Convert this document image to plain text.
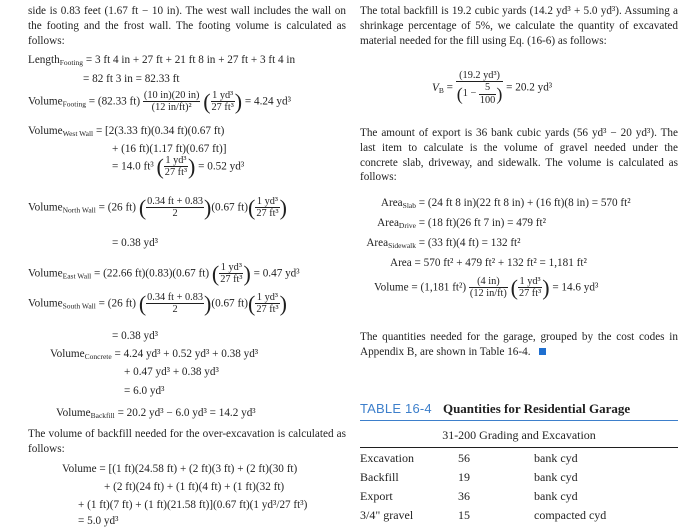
side is 0.83 feet (1.67 ft − 10 in). The west wall includes the wall on the footing and the frost wall. The footing volume is calculated as follows:

Length$_{Footing}$ = 3 ft 4 in + 27 ft + 21 ft 8 in + 27 ft + 3 ft 4 in
= 82 ft 3 in = 82.33 ft
Volume$_{Footing}$ = (82.33 $ft) \frac{(10 in)(20 in)}{\text{(12 in/ft)²}}$ ( $\frac{\text{1 yd³}}{\text{27 ft³}}$ ) = 4.24 yd³
Volume$_{West Wall}$ = [2(3.33 ft)(0.34 ft)(0.67 ft)
+ (16 ft)(1.17 ft)(0.67 ft)]
= 14.0 ft³ ( $\frac{\text{1 yd³}}{\text{27 ft³}}$ ) = 0.52 yd³
Volume$_{North Wall}$ = (26 ft) ( $\frac{0.34 ft + 0.83}{2} )(0.67$ $ft)( \frac{\text{1 yd³}}{\text{27 ft³}}$ )
= 0.38 yd³
Volume$_{East Wall}$ = (22.66 ft)(0.83)(0.67 ft) ( $\frac{\text{1 yd³}}{\text{27 ft³}}$ ) = 0.47 yd³
Volume$_{South Wall}$ = (26 ft) ( $\frac{0.34 ft + 0.83}{2} )(0.67$ $ft)( \frac{\text{1 yd³}}{\text{27 ft³}}$ )
= 0.38 yd³
Volume$_{Concrete}$ = 4.24 yd³ + 0.52 yd³ + 0.38 yd³
+ 0.47 yd³ + 0.38 yd³
= 6.0 yd³
Volume$_{Backfill}$ = 20.2 yd³ − 6.0 yd³ = 14.2 yd³

The volume of backfill needed for the over-excavation is calculated as follows:

Volume = [(1 ft)(24.58 ft) + (2 ft)(3 ft) + (2 ft)(30 ft)
+ (2 ft)(24 ft) + (1 ft)(4 ft) + (1 ft)(32 ft)
+ (1 ft)(7 ft) + (1 ft)(21.58 ft)](0.67 ft)(1 yd³/27 ft³)
= 5.0 yd³

The total backfill is 19.2 cubic yards (14.2 yd³ + 5.0 yd³). Assuming a shrinkage percentage of 5%, we calculate the quantity of excavated material needed for the fill using Eq. (16-6) as follows:

$V_B = \frac{\text{(19.2 yd³)}}{(1 - \frac{5}{100} )} = 20.2$ yd³

The amount of export is 36 bank cubic yards (56 yd³ − 20 yd³). The last item to calculate is the volume of gravel needed under the concrete slab, driveway, and sidewalk. The volume is calculated as follows:

Area$_{Slab}$ = (24 ft 8 in)(22 ft 8 in) + (16 ft)(8 in) = 570 ft²
Area$_{Drive}$ = (18 ft)(26 ft 7 in) = 479 ft²
Area$_{Sidewalk}$ = (33 ft)(4 ft) = 132 ft²
Area = 570 ft² + 479 ft² + 132 ft² = 1,181 ft²
Volume = (1,181 $ft^2) \frac{(4 in)}{(12 in/ft)}$ ( $\frac{\text{1 yd³}}{\text{27 ft³}}$ ) = 14.6 yd³

The quantities needed for the garage, grouped by the cost codes in Appendix B, are shown in Table 16-4.

TABLE 16-4 Quantities for Residential Garage
31-200 Grading and Excavation
Excavation	56	bank cyd
Backfill	19	bank cyd
Export	36	bank cyd
3/4" gravel	15	compacted cyd
